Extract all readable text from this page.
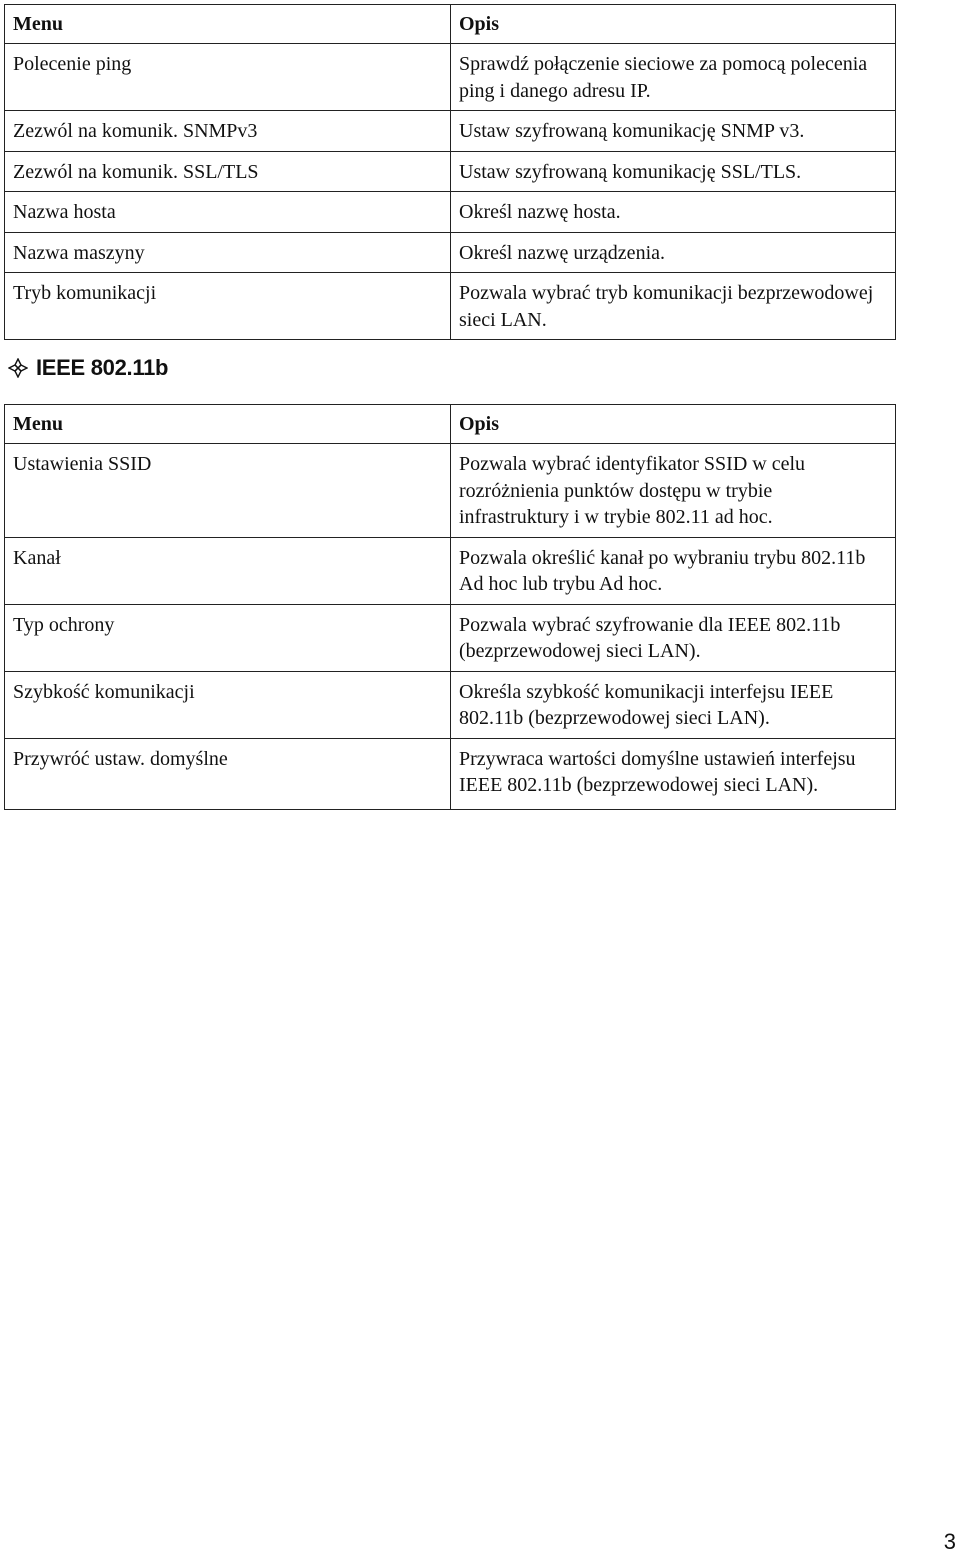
Menu	Opis
Polecenie ping	Sprawdź połączenie sieciowe za pomocą polecenia ping i danego adresu IP.
Zezwól na komunik. SNMPv3	Ustaw szyfrowaną komunikację SNMP v3.
Zezwól na komunik. SSL/TLS	Ustaw szyfrowaną komunikację SSL/TLS.
Nazwa hosta	Określ nazwę hosta.
Nazwa maszyny	Określ nazwę urządzenia.
Tryb komunikacji	Pozwala wybrać tryb komunikacji bezprzewodowej sieci LAN.
IEEE 802.11b
Menu	Opis
Ustawienia SSID	Pozwala wybrać identyfikator SSID w celu rozróżnienia punktów dostępu w trybie infrastruktury i w trybie 802.11 ad hoc.
Kanał	Pozwala określić kanał po wybraniu trybu 802.11b Ad hoc lub trybu Ad hoc.
Typ ochrony	Pozwala wybrać szyfrowanie dla IEEE 802.11b (bezprzewodowej sieci LAN).
Szybkość komunikacji	Określa szybkość komunikacji interfejsu IEEE 802.11b (bezprzewodowej sieci LAN).
Przywróć ustaw. domyślne	Przywraca wartości domyślne ustawień interfejsu IEEE 802.11b (bezprzewodowej sieci LAN).
3
